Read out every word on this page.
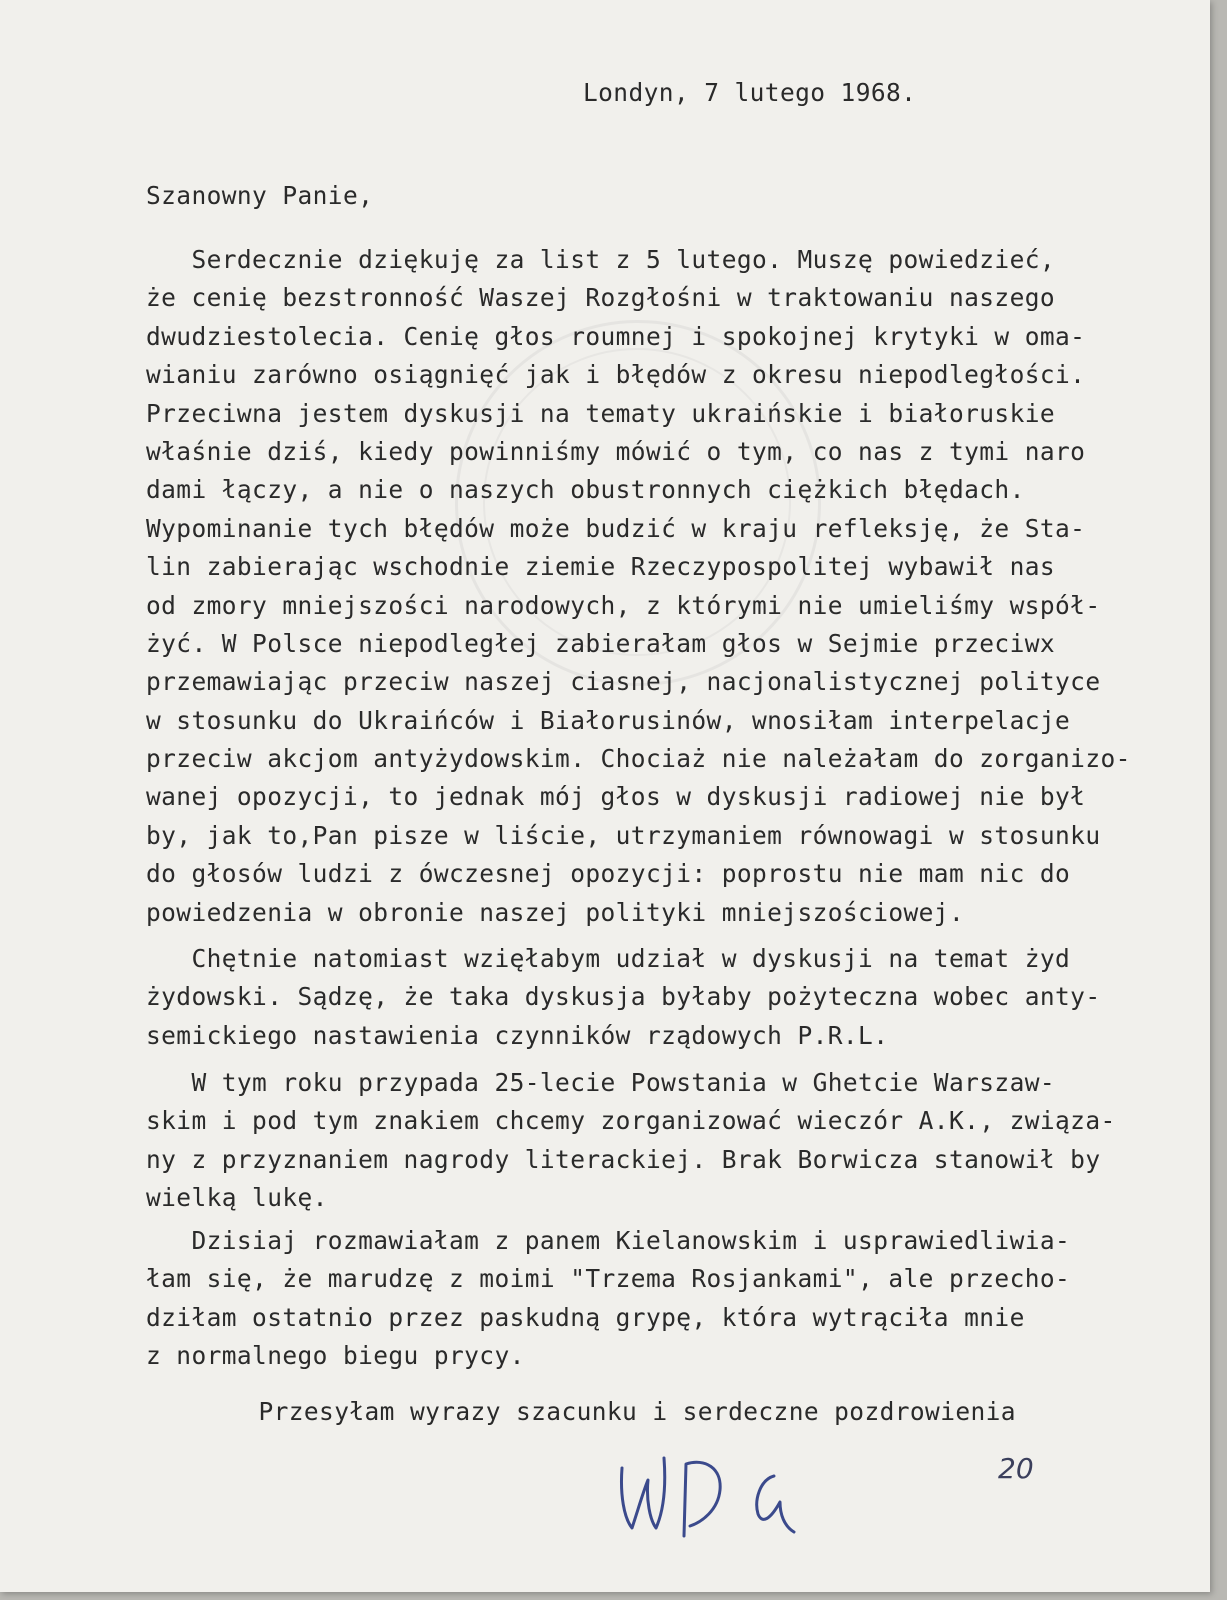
Londyn, 7 lutego 1968.
Szanowny Panie,
Serdecznie dziękuję za list z 5 lutego. Muszę powiedzieć,
że cenię bezstronność Waszej Rozgłośni w traktowaniu naszego
dwudziestolecia. Cenię głos roumnej i spokojnej krytyki w oma-
wianiu zarówno osiągnięć jak i błędów z okresu niepodległości.
Przeciwna jestem dyskusji na tematy ukraińskie i białoruskie
właśnie dziś, kiedy powinniśmy mówić o tym, co nas z tymi naro
dami łączy, a nie o naszych obustronnych ciężkich błędach.
Wypominanie tych błędów może budzić w kraju refleksję, że Sta-
lin zabierając wschodnie ziemie Rzeczypospolitej wybawił nas
od zmory mniejszości narodowych, z którymi nie umieliśmy współ-
żyć. W Polsce niepodległej zabierałam głos w Sejmie przeciwx
przemawiając przeciw naszej ciasnej, nacjonalistycznej polityce
w stosunku do Ukraińców i Białorusinów, wnosiłam interpelacje
przeciw akcjom antyżydowskim. Chociaż nie należałam do zorganizo-
wanej opozycji, to jednak mój głos w dyskusji radiowej nie był
by, jak to,Pan pisze w liście, utrzymaniem równowagi w stosunku
do głosów ludzi z ówczesnej opozycji: poprostu nie mam nic do
powiedzenia w obronie naszej polityki mniejszościowej.
Chętnie natomiast wzięłabym udział w dyskusji na temat żyd
żydowski. Sądzę, że taka dyskusja byłaby pożyteczna wobec anty-
semickiego nastawienia czynników rządowych P.R.L.
W tym roku przypada 25-lecie Powstania w Ghetcie Warszaw-
skim i pod tym znakiem chcemy zorganizować wieczór A.K., związa-
ny z przyznaniem nagrody literackiej. Brak Borwicza stanowił by
wielką lukę.
Dzisiaj rozmawiałam z panem Kielanowskim i usprawiedliwia-
łam się, że marudzę z moimi "Trzema Rosjankami", ale przecho-
dziłam ostatnio przez paskudną grypę, która wytrąciła mnie
z normalnego biegu prycy.
Przesyłam wyrazy szacunku i serdeczne pozdrowienia
20
